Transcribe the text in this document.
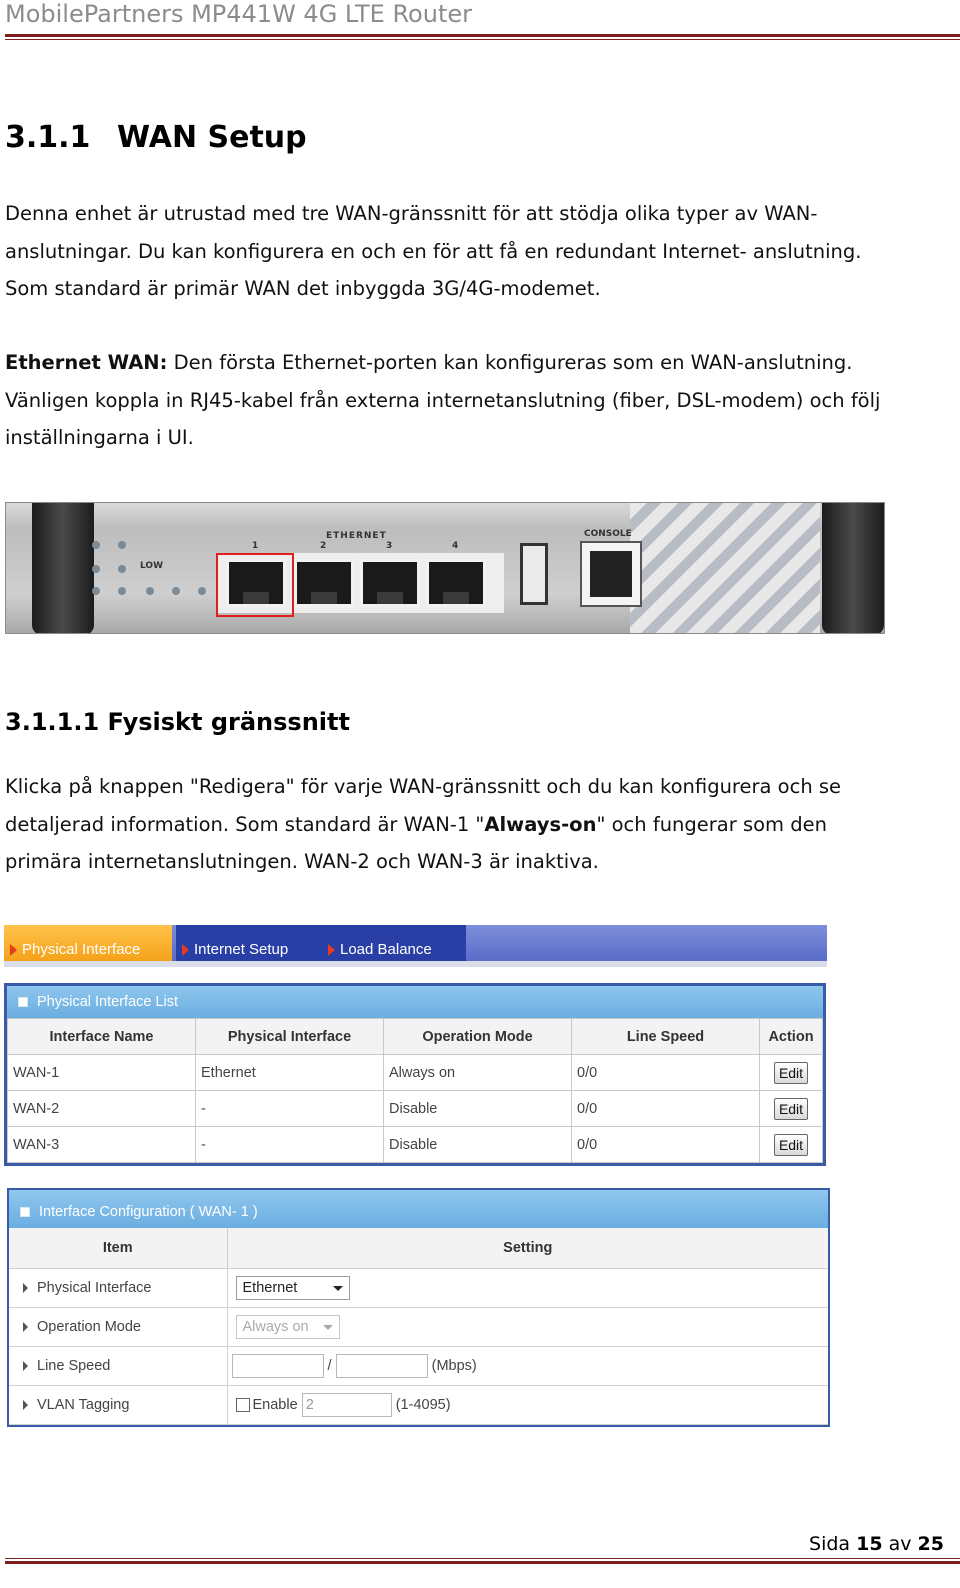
MobilePartners MP441W 4G LTE Router
3.1.1 WAN Setup
Denna enhet är utrustad med tre WAN-gränssnitt för att stödja olika typer av WAN-
anslutningar. Du kan konfigurera en och en för att få en redundant Internet- anslutning.
Som standard är primär WAN det inbyggda 3G/4G-modemet.
Ethernet WAN: Den första Ethernet-porten kan konfigureras som en WAN-anslutning.
Vänligen koppla in RJ45-kabel från externa internetanslutning (fiber, DSL-modem) och följ
inställningarna i UI.
LOW
ETHERNET
1	2	3	4
CONSOLE
3.1.1.1 Fysiskt gränssnitt
Klicka på knappen "Redigera" för varje WAN-gränssnitt och du kan konfigurera och se
detaljerad information. Som standard är WAN-1 "Always-on" och fungerar som den
primära internetanslutningen. WAN-2 och WAN-3 är inaktiva.
Physical Interface	Internet Setup	Load Balance
Physical Interface List
Interface Name	Physical Interface	Operation Mode	Line Speed	Action
WAN-1	Ethernet	Always on	0/0	Edit
WAN-2	-	Disable	0/0	Edit
WAN-3	-	Disable	0/0	Edit
Interface Configuration ( WAN- 1 )
Item	Setting

Physical Interface	Ethernet

Operation Mode	Always on

Line Speed	/ (Mbps)

VLAN Tagging	Enable 2 (1-4095)
Sida 15 av 25
